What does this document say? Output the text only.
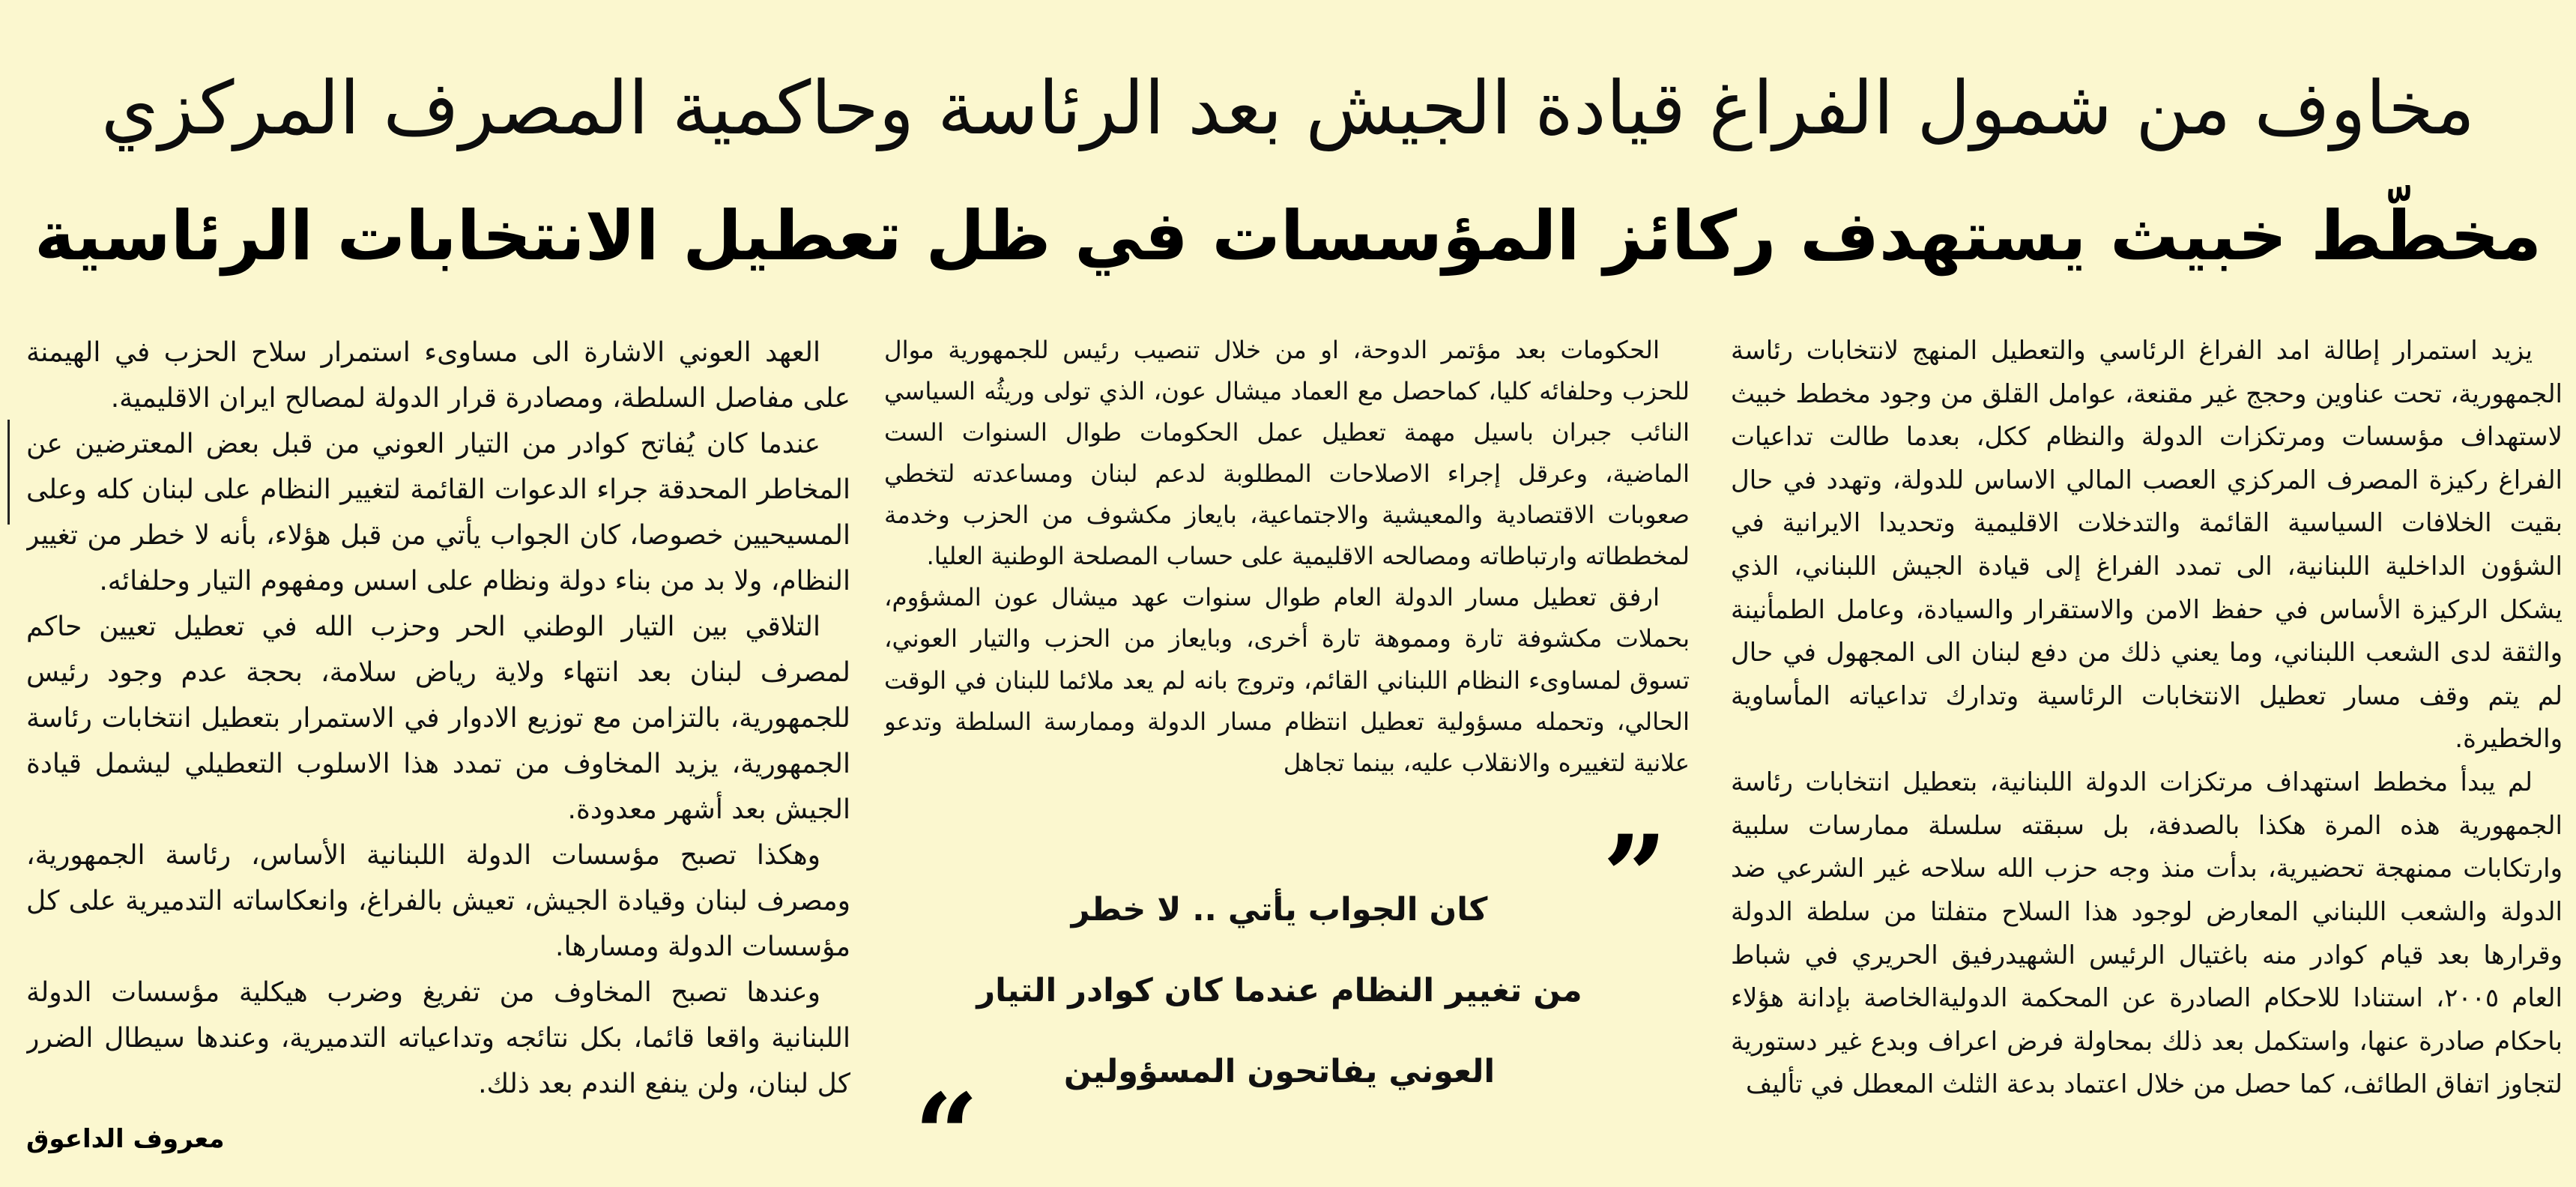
مخاوف من شمول الفراغ قيادة الجيش بعد الرئاسة وحاكمية المصرف المركزي
مخطّط خبيث يستهدف ركائز المؤسسات في ظل تعطيل الانتخابات الرئاسية

يزيد استمرار إطالة امد الفراغ الرئاسي والتعطيل المنهج لانتخابات رئاسة الجمهورية، تحت عناوين وحجج غير مقنعة، عوامل القلق من وجود مخطط خبيث لاستهداف مؤسسات ومرتكزات الدولة والنظام ككل، بعدما طالت تداعيات الفراغ ركيزة المصرف المركزي العصب المالي الاساس للدولة، وتهدد في حال بقيت الخلافات السياسية القائمة والتدخلات الاقليمية وتحديدا الايرانية في الشؤون الداخلية اللبنانية، الى تمدد الفراغ إلى قيادة الجيش اللبناني، الذي يشكل الركيزة الأساس في حفظ الامن والاستقرار والسيادة، وعامل الطمأنينة والثقة لدى الشعب اللبناني، وما يعني ذلك من دفع لبنان الى المجهول في حال لم يتم وقف مسار تعطيل الانتخابات الرئاسية وتدارك تداعياته المأساوية والخطيرة.

لم يبدأ مخطط استهداف مرتكزات الدولة اللبنانية، بتعطيل انتخابات رئاسة الجمهورية هذه المرة هكذا بالصدفة، بل سبقته سلسلة ممارسات سلبية وارتكابات ممنهجة تحضيرية، بدأت منذ وجه حزب الله سلاحه غير الشرعي ضد الدولة والشعب اللبناني المعارض لوجود هذا السلاح متفلتا من سلطة الدولة وقرارها بعد قيام كوادر منه باغتيال الرئيس الشهيدرفيق الحريري في شباط العام ٢٠٠٥، استنادا للاحكام الصادرة عن المحكمة الدوليةالخاصة بإدانة هؤلاء باحكام صادرة عنها، واستكمل بعد ذلك بمحاولة فرض اعراف وبدع غير دستورية لتجاوز اتفاق الطائف، كما حصل من خلال اعتماد بدعة الثلث المعطل في تأليف

الحكومات بعد مؤتمر الدوحة، او من خلال تنصيب رئيس للجمهورية موال للحزب وحلفائه كليا، كماحصل مع العماد ميشال عون، الذي تولى وريثُه السياسي النائب جبران باسيل مهمة تعطيل عمل الحكومات طوال السنوات الست الماضية، وعرقل إجراء الاصلاحات المطلوبة لدعم لبنان ومساعدته لتخطي صعوبات الاقتصادية والمعيشية والاجتماعية، بايعاز مكشوف من الحزب وخدمة لمخططاته وارتباطاته ومصالحه الاقليمية على حساب المصلحة الوطنية العليا.

ارفق تعطيل مسار الدولة العام طوال سنوات عهد ميشال عون المشؤوم، بحملات مكشوفة تارة ومموهة تارة أخرى، وبايعاز من الحزب والتيار العوني، تسوق لمساوىء النظام اللبناني القائم، وتروج بانه لم يعد ملائما للبنان في الوقت الحالي، وتحمله مسؤولية تعطيل انتظام مسار الدولة وممارسة السلطة وتدعو علانية لتغييره والانقلاب عليه، بينما تجاهل

”
كان الجواب يأتي .. لا خطر
من تغيير النظام عندما كان كوادر التيار
العوني يفاتحون المسؤولين
“

العهد العوني الاشارة الى مساوىء استمرار سلاح الحزب في الهيمنة على مفاصل السلطة، ومصادرة قرار الدولة لمصالح ايران الاقليمية.

عندما كان يُفاتح كوادر من التيار العوني من قبل بعض المعترضين عن المخاطر المحدقة جراء الدعوات القائمة لتغيير النظام على لبنان كله وعلى المسيحيين خصوصا، كان الجواب يأتي من قبل هؤلاء، بأنه لا خطر من تغيير النظام، ولا بد من بناء دولة ونظام على اسس ومفهوم التيار وحلفائه.

التلاقي بين التيار الوطني الحر وحزب الله في تعطيل تعيين حاكم لمصرف لبنان بعد انتهاء ولاية رياض سلامة، بحجة عدم وجود رئيس للجمهورية، بالتزامن مع توزيع الادوار في الاستمرار بتعطيل انتخابات رئاسة الجمهورية، يزيد المخاوف من تمدد هذا الاسلوب التعطيلي ليشمل قيادة الجيش بعد أشهر معدودة.

وهكذا تصبح مؤسسات الدولة اللبنانية الأساس، رئاسة الجمهورية، ومصرف لبنان وقيادة الجيش، تعيش بالفراغ، وانعكاساته التدميرية على كل مؤسسات الدولة ومسارها.

وعندها تصبح المخاوف من تفريغ وضرب هيكلية مؤسسات الدولة اللبنانية واقعا قائما، بكل نتائجه وتداعياته التدميرية، وعندها سيطال الضرر كل لبنان، ولن ينفع الندم بعد ذلك.

معروف الداعوق
